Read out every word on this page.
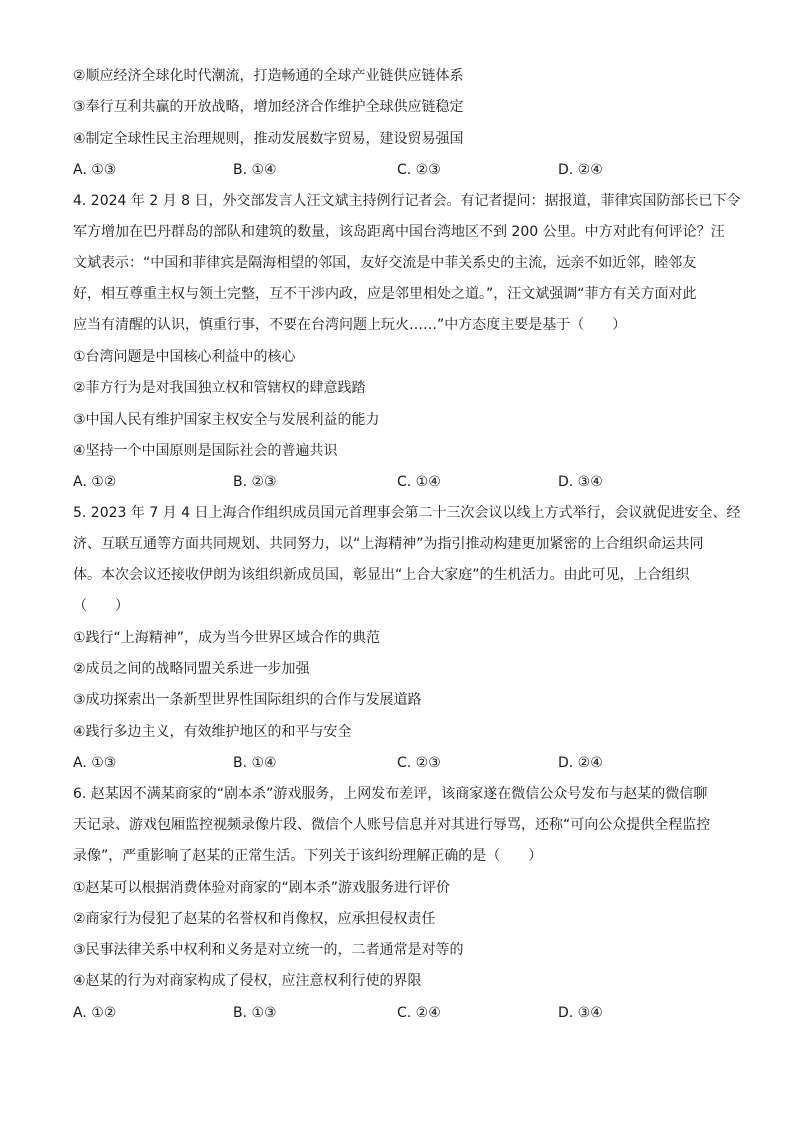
②顺应经济全球化时代潮流，打造畅通的全球产业链供应链体系
③奉行互利共赢的开放战略，增加经济合作维护全球供应链稳定
④制定全球性民主治理规则，推动发展数字贸易，建设贸易强国
A. ①③	B. ①④	C. ②③	D. ②④
4. 2024 年 2 月 8 日，外交部发言人汪文斌主持例行记者会。有记者提问：据报道，菲律宾国防部长已下令
军方增加在巴丹群岛的部队和建筑的数量，该岛距离中国台湾地区不到 200 公里。中方对此有何评论？汪
文斌表示：“中国和菲律宾是隔海相望的邻国，友好交流是中菲关系史的主流，远亲不如近邻，睦邻友
好，相互尊重主权与领土完整，互不干涉内政，应是邻里相处之道。”，汪文斌强调“菲方有关方面对此
应当有清醒的认识，慎重行事，不要在台湾问题上玩火……”中方态度主要是基于（　　）
①台湾问题是中国核心利益中的核心
②菲方行为是对我国独立权和管辖权的肆意践踏
③中国人民有维护国家主权安全与发展利益的能力
④坚持一个中国原则是国际社会的普遍共识
A. ①②	B. ②③	C. ①④	D. ③④
5. 2023 年 7 月 4 日上海合作组织成员国元首理事会第二十三次会议以线上方式举行，会议就促进安全、经
济、互联互通等方面共同规划、共同努力，以“上海精神”为指引推动构建更加紧密的上合组织命运共同
体。本次会议还接收伊朗为该组织新成员国，彰显出“上合大家庭”的生机活力。由此可见，上合组织
（　　）
①践行“上海精神”，成为当今世界区域合作的典范
②成员之间的战略同盟关系进一步加强
③成功探索出一条新型世界性国际组织的合作与发展道路
④践行多边主义，有效维护地区的和平与安全
A. ①③	B. ①④	C. ②③	D. ②④
6. 赵某因不满某商家的“剧本杀”游戏服务，上网发布差评，该商家遂在微信公众号发布与赵某的微信聊
天记录、游戏包厢监控视频录像片段、微信个人账号信息并对其进行辱骂，还称“可向公众提供全程监控
录像”，严重影响了赵某的正常生活。下列关于该纠纷理解正确的是（　　）
①赵某可以根据消费体验对商家的“剧本杀”游戏服务进行评价
②商家行为侵犯了赵某的名誉权和肖像权，应承担侵权责任
③民事法律关系中权利和义务是对立统一的，二者通常是对等的
④赵某的行为对商家构成了侵权，应注意权利行使的界限
A. ①②	B. ①③	C. ②④	D. ③④
